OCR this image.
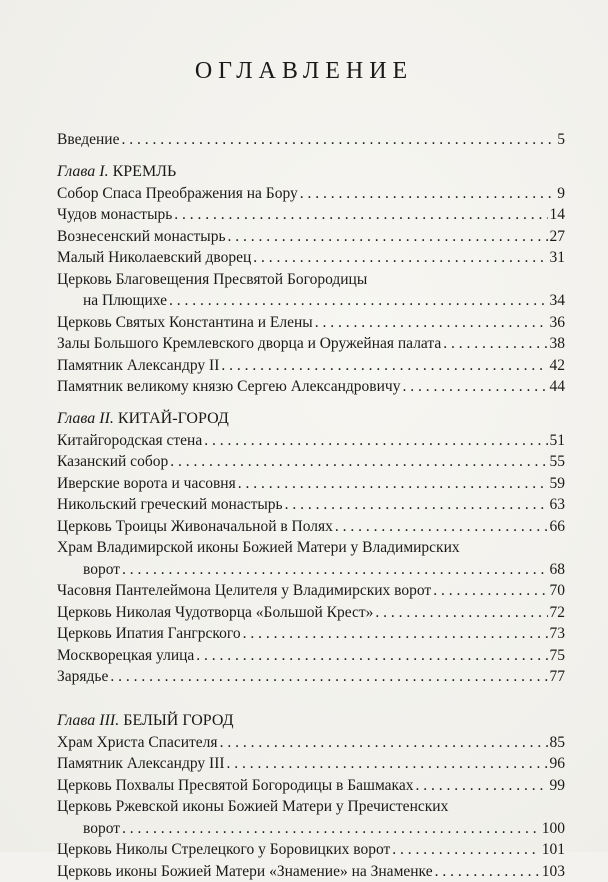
ОГЛАВЛЕНИЕ
Введение . . .	5
Глава I. КРЕМЛЬ
Собор Спаса Преображения на Бору . . .	9
Чудов монастырь . . .	14
Вознесенский монастырь . . .	27
Малый Николаевский дворец . . .	31
Церковь Благовещения Пресвятой Богородицы
на Плющихе . . .	34
Церковь Святых Константина и Елены . . .	36
Залы Большого Кремлевского дворца и Оружейная палата . . .	38
Памятник Александру II . . .	42
Памятник великому князю Сергею Александровичу . . .	44
Глава II. КИТАЙ-ГОРОД
Китайгородская стена . . .	51
Казанский собор . . .	55
Иверские ворота и часовня . . .	59
Никольский греческий монастырь . . .	63
Церковь Троицы Живоначальной в Полях . . .	66
Храм Владимирской иконы Божией Матери у Владимирских
ворот . . .	68
Часовня Пантелеймона Целителя у Владимирских ворот . . .	70
Церковь Николая Чудотворца «Большой Крест» . . .	72
Церковь Ипатия Гангрского . . .	73
Москворецкая улица . . .	75
Зарядье . . .	77
Глава III. БЕЛЫЙ ГОРОД
Храм Христа Спасителя . . .	85
Памятник Александру III . . .	96
Церковь Похвалы Пресвятой Богородицы в Башмаках . . .	99
Церковь Ржевской иконы Божией Матери у Пречистенских
ворот . . .	100
Церковь Николы Стрелецкого у Боровицких ворот . . .	101
Церковь иконы Божией Матери «Знамение» на Знаменке . . .	103
